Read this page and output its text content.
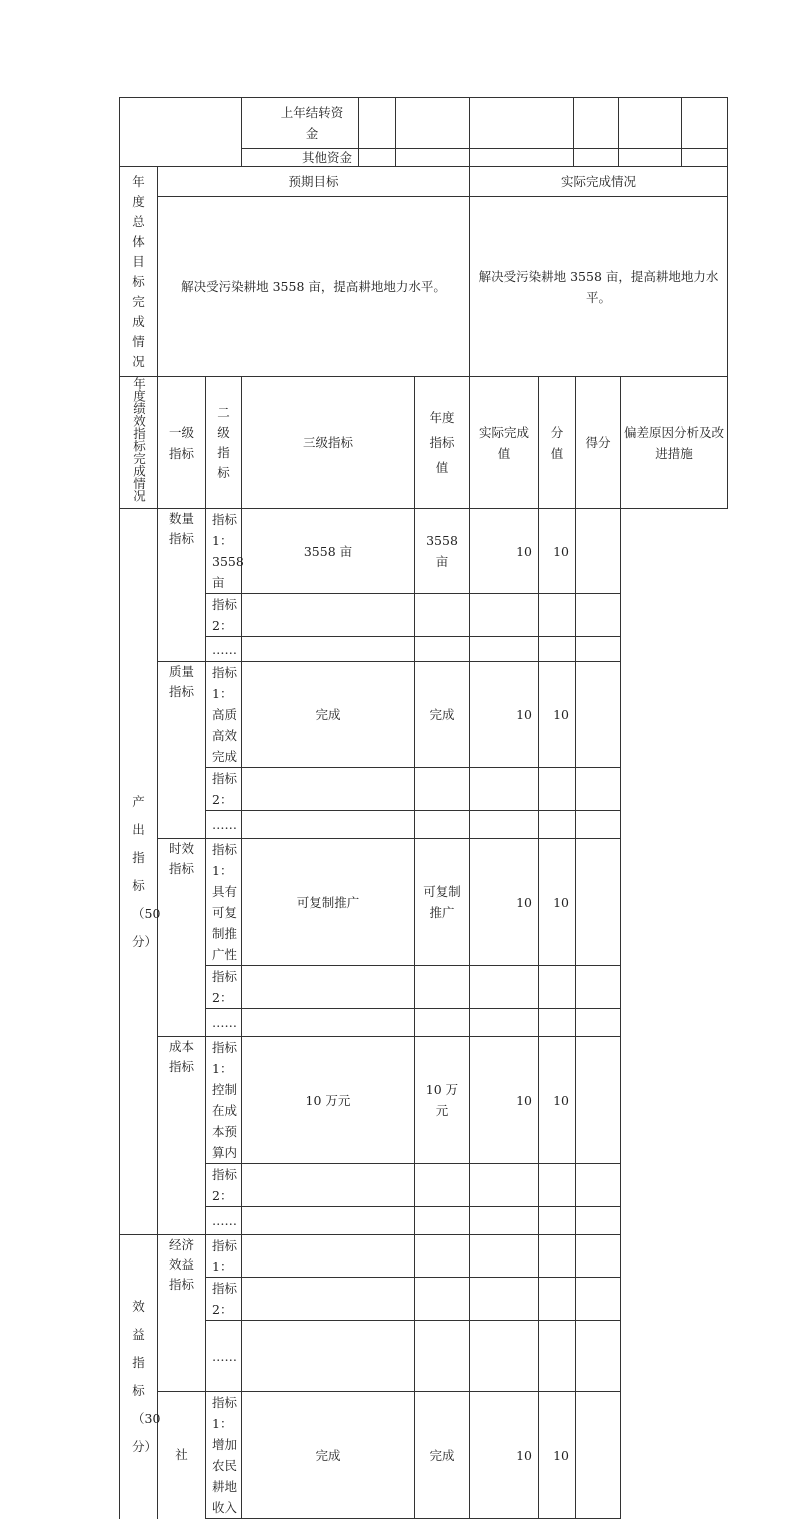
	上年结转资金						
	其他资金						
年度总体目标完成情况	预期目标	实际完成情况
	解决受污染耕地 3558 亩，提高耕地地力水平。	解决受污染耕地 3558 亩，提高耕地地力水平。
年度绩效指标完成情况	一级指标	二级指标	三级指标	年度指标值	实际完成值	分值	得分	偏差原因分析及改进措施
产出指标（50分）	数量指标	指标 1：3558 亩	3558 亩	3558 亩	10	10		
		指标 2：						
		……						
	质量指标	指标 1：高质高效完成	完成	完成	10	10		
		指标 2：						
		……						
	时效指标	指标 1：具有可复制推广性	可复制推广	可复制推广	10	10		
		指标 2：						
		……						
	成本指标	指标 1：控制在成本预算内	10 万元	10 万元	10	10		
		指标 2：						
		……						
效益指标（30分）	经济效益指标	指标 1：						
		指标 2：						
		……						
	社	指标 1：增加农民耕地收入	完成	完成	10	10		
